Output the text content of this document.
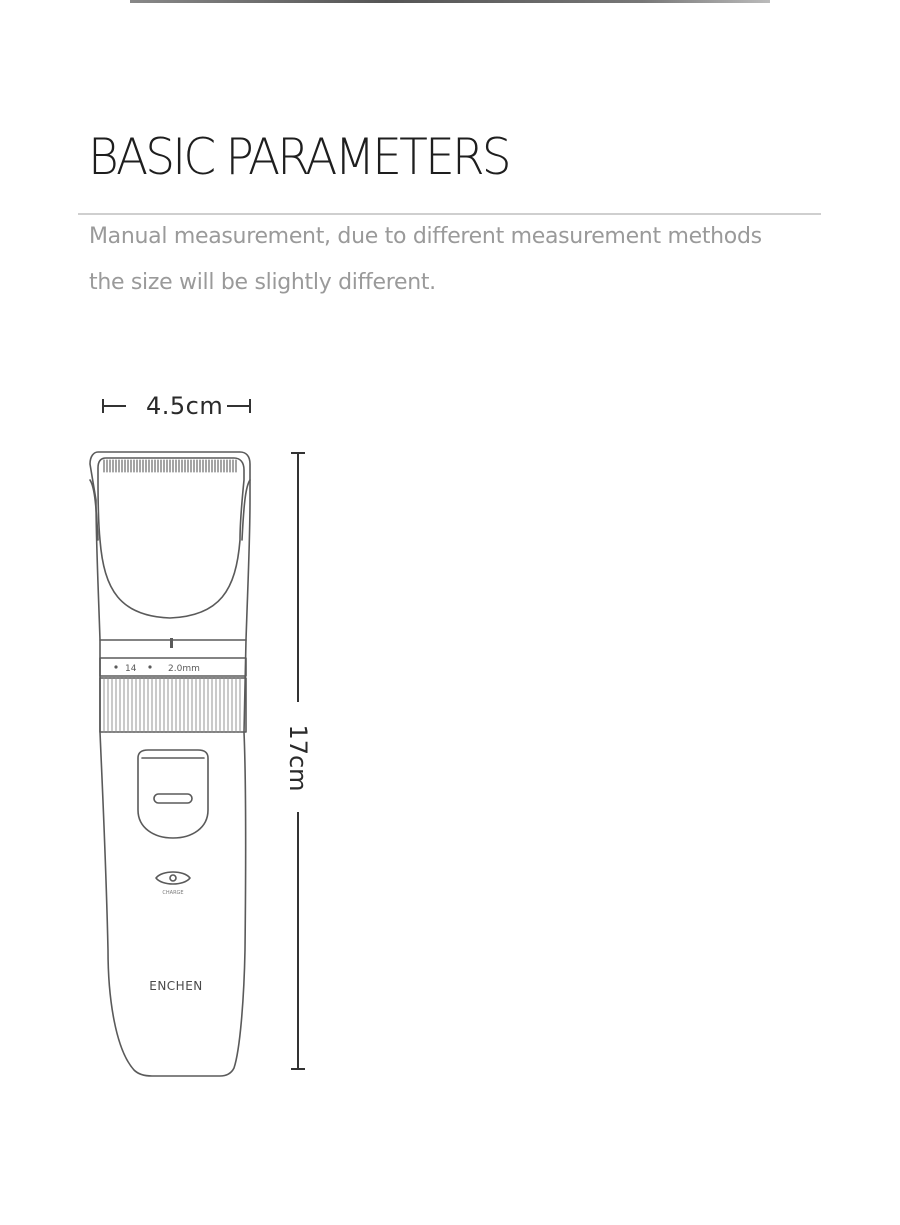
BASIC PARAMETERS
Manual measurement, due to different measurement methods
the size will be slightly different.
4.5cm
17cm
14	2.0mm
CHARGE
ENCHEN
